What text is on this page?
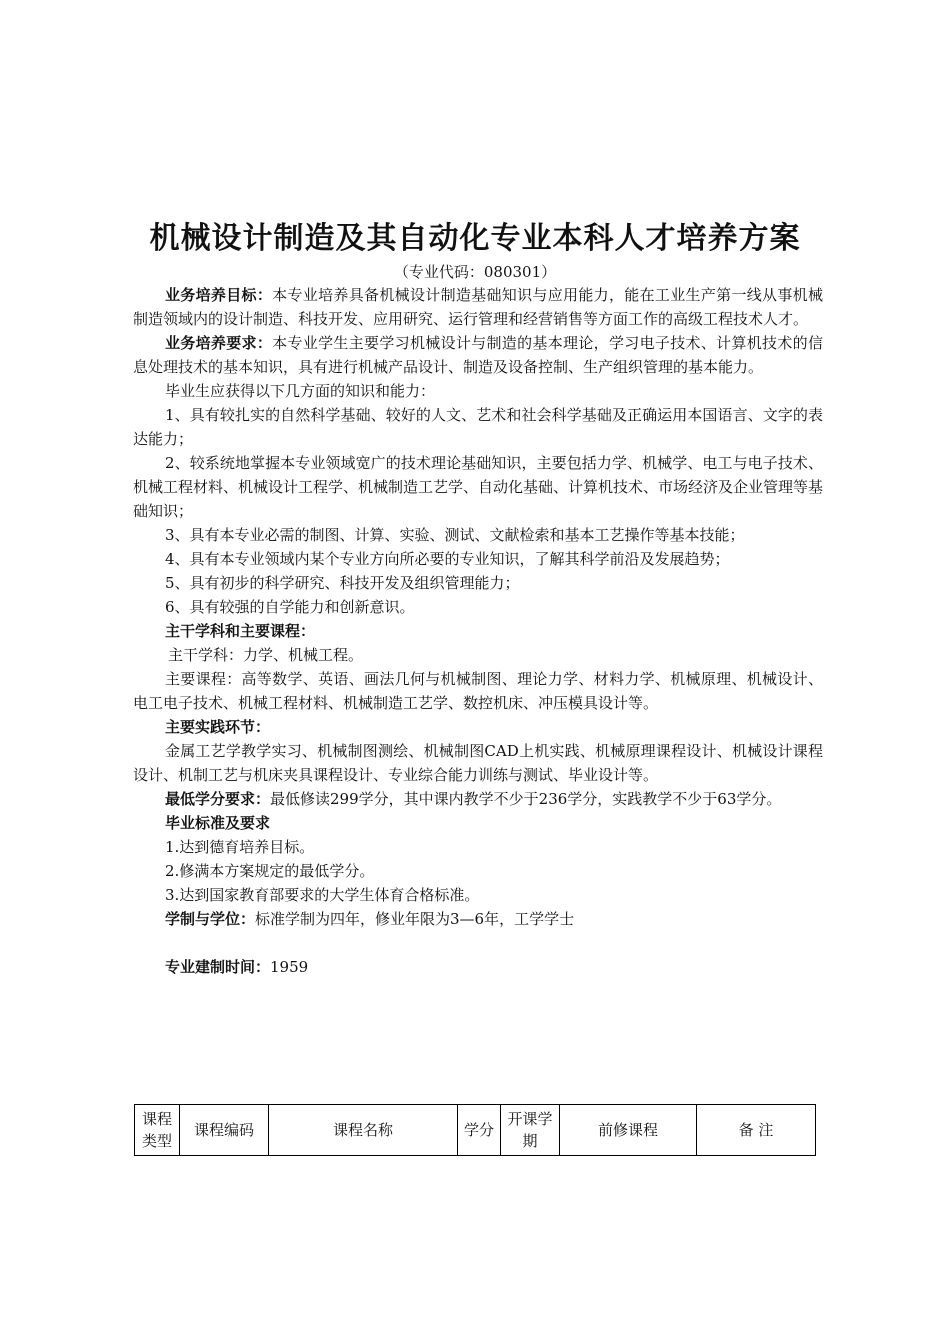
机械设计制造及其自动化专业本科人才培养方案

（专业代码：080301）

业务培养目标：本专业培养具备机械设计制造基础知识与应用能力，能在工业生产第一线从事机械制造领域内的设计制造、科技开发、应用研究、运行管理和经营销售等方面工作的高级工程技术人才。

业务培养要求：本专业学生主要学习机械设计与制造的基本理论，学习电子技术、计算机技术的信息处理技术的基本知识，具有进行机械产品设计、制造及设备控制、生产组织管理的基本能力。

毕业生应获得以下几方面的知识和能力：

1、具有较扎实的自然科学基础、较好的人文、艺术和社会科学基础及正确运用本国语言、文字的表达能力；

2、较系统地掌握本专业领域宽广的技术理论基础知识，主要包括力学、机械学、电工与电子技术、机械工程材料、机械设计工程学、机械制造工艺学、自动化基础、计算机技术、市场经济及企业管理等基础知识；

3、具有本专业必需的制图、计算、实验、测试、文献检索和基本工艺操作等基本技能；

4、具有本专业领域内某个专业方向所必要的专业知识，了解其科学前沿及发展趋势；

5、具有初步的科学研究、科技开发及组织管理能力；

6、具有较强的自学能力和创新意识。

主干学科和主要课程：

主干学科：力学、机械工程。

主要课程：高等数学、英语、画法几何与机械制图、理论力学、材料力学、机械原理、机械设计、电工电子技术、机械工程材料、机械制造工艺学、数控机床、冲压模具设计等。

主要实践环节：

金属工艺学教学实习、机械制图测绘、机械制图CAD上机实践、机械原理课程设计、机械设计课程设计、机制工艺与机床夹具课程设计、专业综合能力训练与测试、毕业设计等。

最低学分要求：最低修读299学分，其中课内教学不少于236学分，实践教学不少于63学分。

毕业标准及要求

1.达到德育培养目标。

2.修满本方案规定的最低学分。

3.达到国家教育部要求的大学生体育合格标准。

学制与学位：标准学制为四年，修业年限为3—6年，工学学士

专业建制时间：1959

课程类型	课程编码	课程名称	学分	开课学期	前修课程	备 注
